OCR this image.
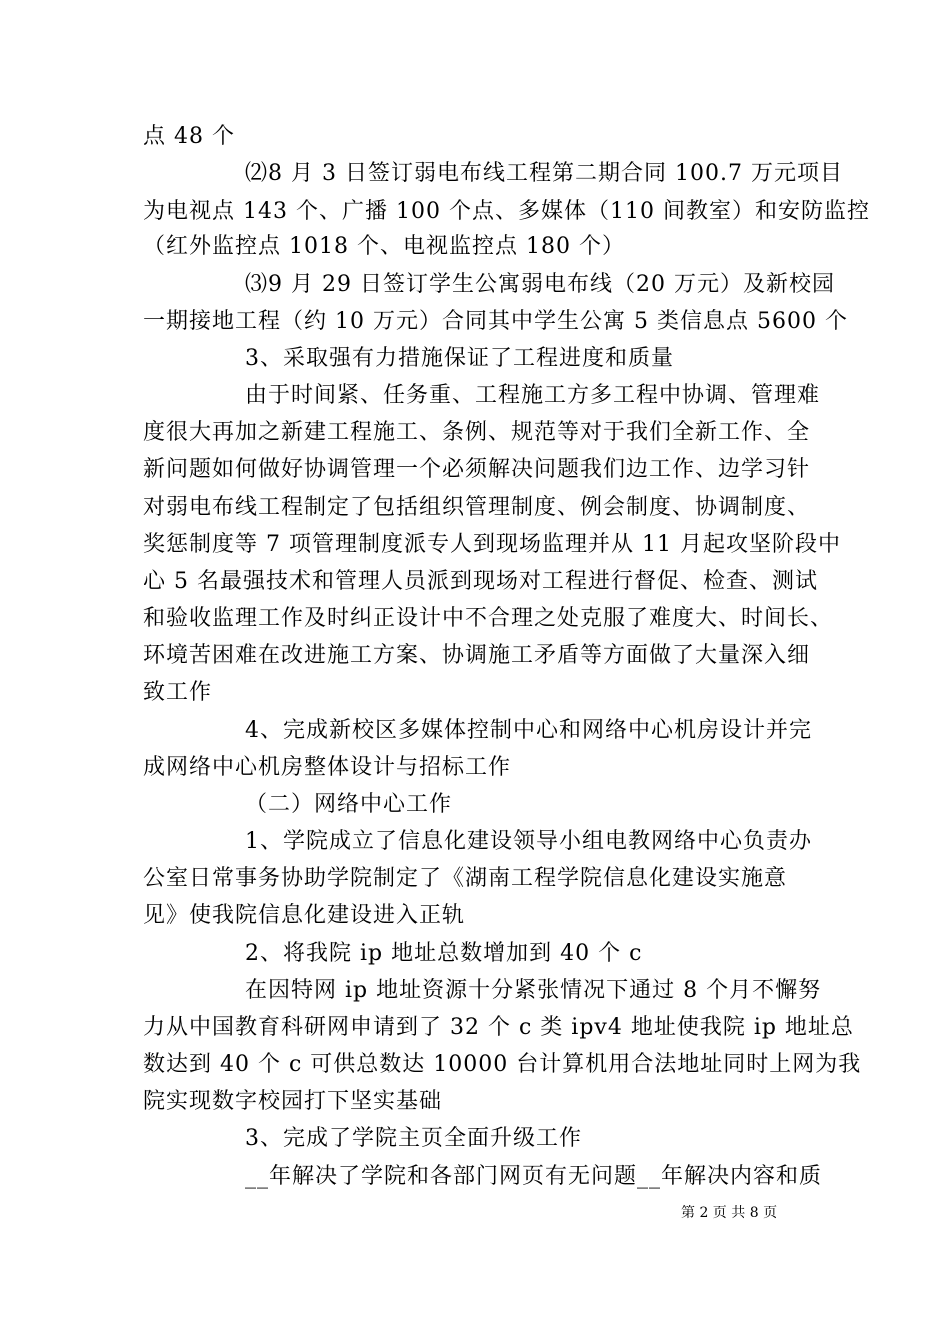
点 48 个
⑵8 月 3 日签订弱电布线工程第二期合同 100.7 万元项目
为电视点 143 个、广播 100 个点、多媒体（110 间教室）和安防监控
（红外监控点 1018 个、电视监控点 180 个）
⑶9 月 29 日签订学生公寓弱电布线（20 万元）及新校园
一期接地工程（约 10 万元）合同其中学生公寓 5 类信息点 5600 个
3、采取强有力措施保证了工程进度和质量
由于时间紧、任务重、工程施工方多工程中协调、管理难
度很大再加之新建工程施工、条例、规范等对于我们全新工作、全
新问题如何做好协调管理一个必须解决问题我们边工作、边学习针
对弱电布线工程制定了包括组织管理制度、例会制度、协调制度、
奖惩制度等 7 项管理制度派专人到现场监理并从 11 月起攻坚阶段中
心 5 名最强技术和管理人员派到现场对工程进行督促、检查、测试
和验收监理工作及时纠正设计中不合理之处克服了难度大、时间长、
环境苦困难在改进施工方案、协调施工矛盾等方面做了大量深入细
致工作
4、完成新校区多媒体控制中心和网络中心机房设计并完
成网络中心机房整体设计与招标工作
（二）网络中心工作
1、学院成立了信息化建设领导小组电教网络中心负责办
公室日常事务协助学院制定了《湖南工程学院信息化建设实施意
见》使我院信息化建设进入正轨
2、将我院 ip 地址总数增加到 40 个 c
在因特网 ip 地址资源十分紧张情况下通过 8 个月不懈努
力从中国教育科研网申请到了 32 个 c 类 ipv4 地址使我院 ip 地址总
数达到 40 个 c 可供总数达 10000 台计算机用合法地址同时上网为我
院实现数字校园打下坚实基础
3、完成了学院主页全面升级工作
__年解决了学院和各部门网页有无问题__年解决内容和质
第 2 页 共 8 页
